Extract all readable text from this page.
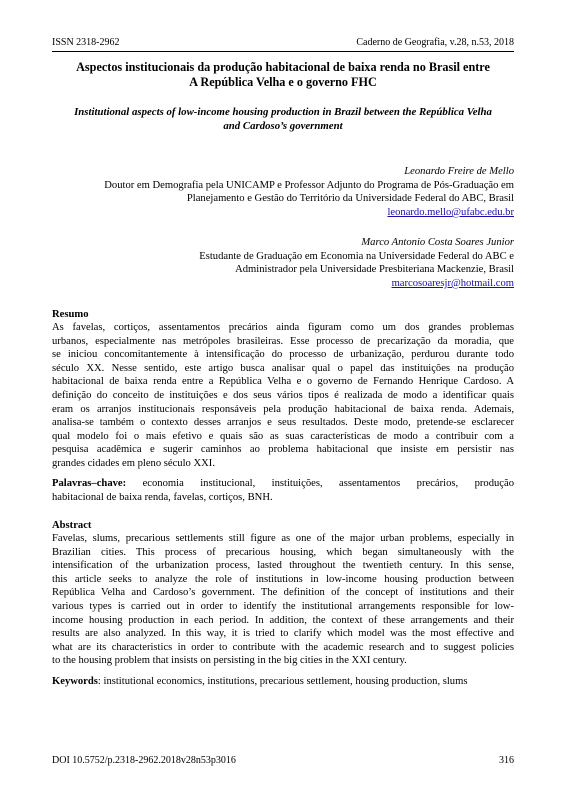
ISSN 2318-2962	Caderno de Geografia, v.28, n.53, 2018
Aspectos institucionais da produção habitacional de baixa renda no Brasil entre
A República Velha e o governo FHC
Institutional aspects of low-income housing production in Brazil between the República Velha
and Cardoso’s government
Leonardo Freire de Mello
Doutor em Demografia pela UNICAMP e Professor Adjunto do Programa de Pós-Graduação em
Planejamento e Gestão do Território da Universidade Federal do ABC, Brasil
leonardo.mello@ufabc.edu.br
Marco Antonio Costa Soares Junior
Estudante de Graduação em Economia na Universidade Federal do ABC e
Administrador pela Universidade Presbiteriana Mackenzie, Brasil
marcosoaresjr@hotmail.com
Resumo
As favelas, cortiços, assentamentos precários ainda figuram como um dos grandes problemas
urbanos, especialmente nas metrópoles brasileiras. Esse processo de precarização da moradia, que
se iniciou concomitantemente à intensificação do processo de urbanização, perdurou durante todo
século XX. Nesse sentido, este artigo busca analisar qual o papel das instituições na produção
habitacional de baixa renda entre a República Velha e o governo de Fernando Henrique Cardoso. A
definição do conceito de instituições e dos seus vários tipos é realizada de modo a identificar quais
eram os arranjos institucionais responsáveis pela produção habitacional de baixa renda. Ademais,
analisa-se também o contexto desses arranjos e seus resultados. Deste modo, pretende-se esclarecer
qual modelo foi o mais efetivo e quais são as suas características de modo a contribuir com a
pesquisa acadêmica e sugerir caminhos ao problema habitacional que insiste em persistir nas
grandes cidades em pleno século XXI.
Palavras–chave: economia institucional, instituições, assentamentos precários, produção
habitacional de baixa renda, favelas, cortiços, BNH.
Abstract
Favelas, slums, precarious settlements still figure as one of the major urban problems, especially in
Brazilian cities. This process of precarious housing, which began simultaneously with the
intensification of the urbanization process, lasted throughout the twentieth century. In this sense,
this article seeks to analyze the role of institutions in low-income housing production between
República Velha and Cardoso’s government. The definition of the concept of institutions and their
various types is carried out in order to identify the institutional arrangements responsible for low-
income housing production in each period. In addition, the context of these arrangements and their
results are also analyzed. In this way, it is tried to clarify which model was the most effective and
what are its characteristics in order to contribute with the academic research and to suggest policies
to the housing problem that insists on persisting in the big cities in the XXI century.
Keywords: institutional economics, institutions, precarious settlement, housing production, slums
DOI 10.5752/p.2318-2962.2018v28n53p3016	316
